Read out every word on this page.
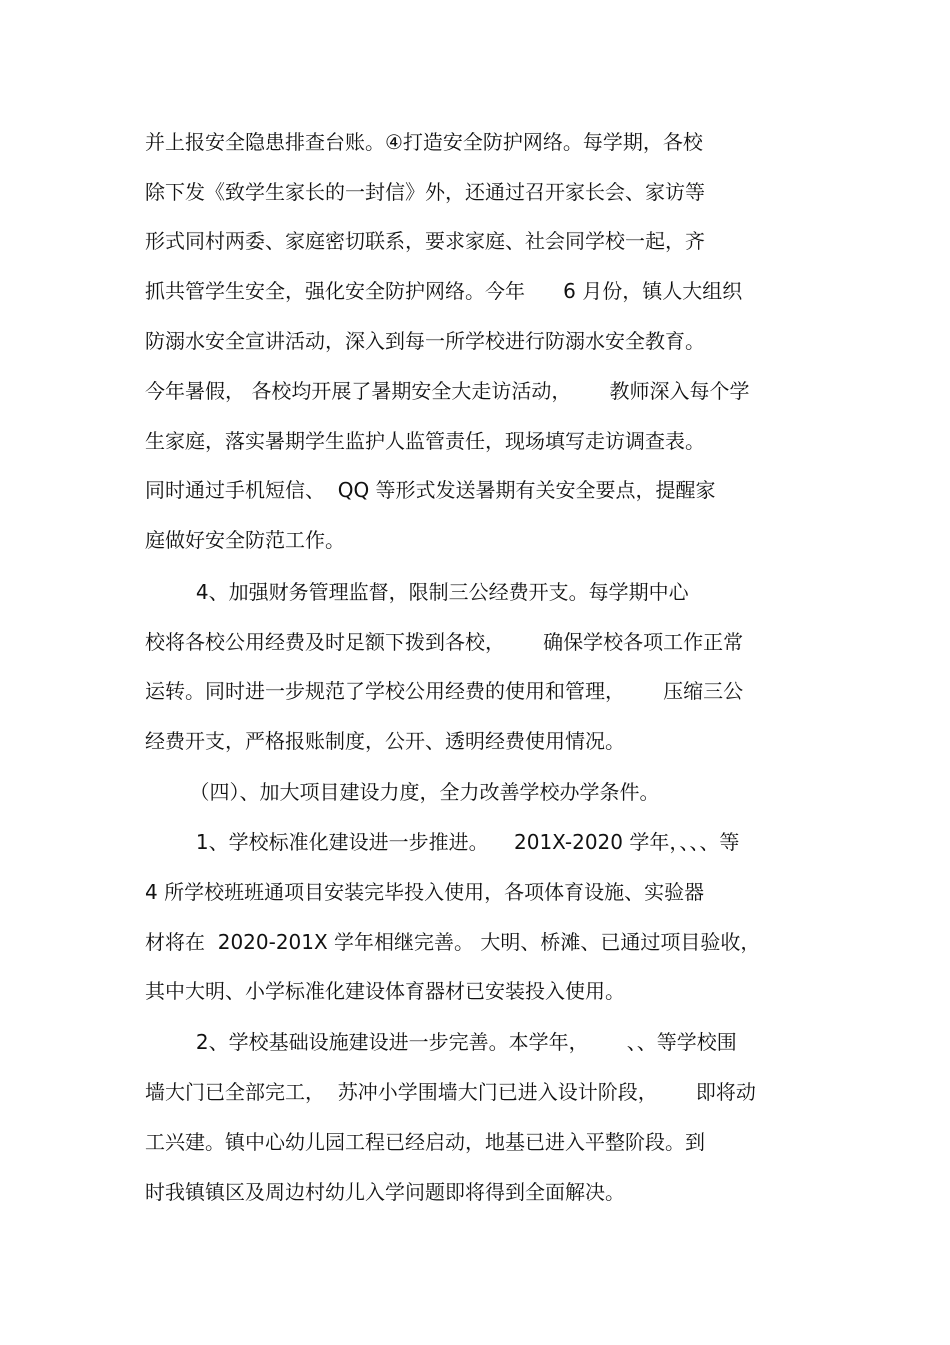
并上报安全隐患排查台账。④打造安全防护网络。每学期，各校
除下发《致学生家长的一封信》外，还通过召开家长会、家访等
形式同村两委、家庭密切联系，要求家庭、社会同学校一起，齐
抓共管学生安全，强化安全防护网络。今年      6 月份，镇人大组织
防溺水安全宣讲活动，深入到每一所学校进行防溺水安全教育。
今年暑假， 各校均开展了暑期安全大走访活动，      教师深入每个学
生家庭，落实暑期学生监护人监管责任，现场填写走访调查表。
同时通过手机短信、  QQ 等形式发送暑期有关安全要点，提醒家
庭做好安全防范工作。
4、加强财务管理监督，限制三公经费开支。每学期中心
校将各校公用经费及时足额下拨到各校，      确保学校各项工作正常
运转。同时进一步规范了学校公用经费的使用和管理，      压缩三公
经费开支，严格报账制度，公开、透明经费使用情况。
（四）、加大项目建设力度，全力改善学校办学条件。
1、学校标准化建设进一步推进。    201X-2020 学年，、、、等
4 所学校班班通项目安装完毕投入使用，各项体育设施、实验器
材将在  2020-201X 学年相继完善。 大明、桥滩、已通过项目验收，
其中大明、小学标准化建设体育器材已安装投入使用。
2、学校基础设施建设进一步完善。本学年，      、、等学校围
墙大门已全部完工，  苏冲小学围墙大门已进入设计阶段，      即将动
工兴建。镇中心幼儿园工程已经启动，地基已进入平整阶段。到
时我镇镇区及周边村幼儿入学问题即将得到全面解决。
